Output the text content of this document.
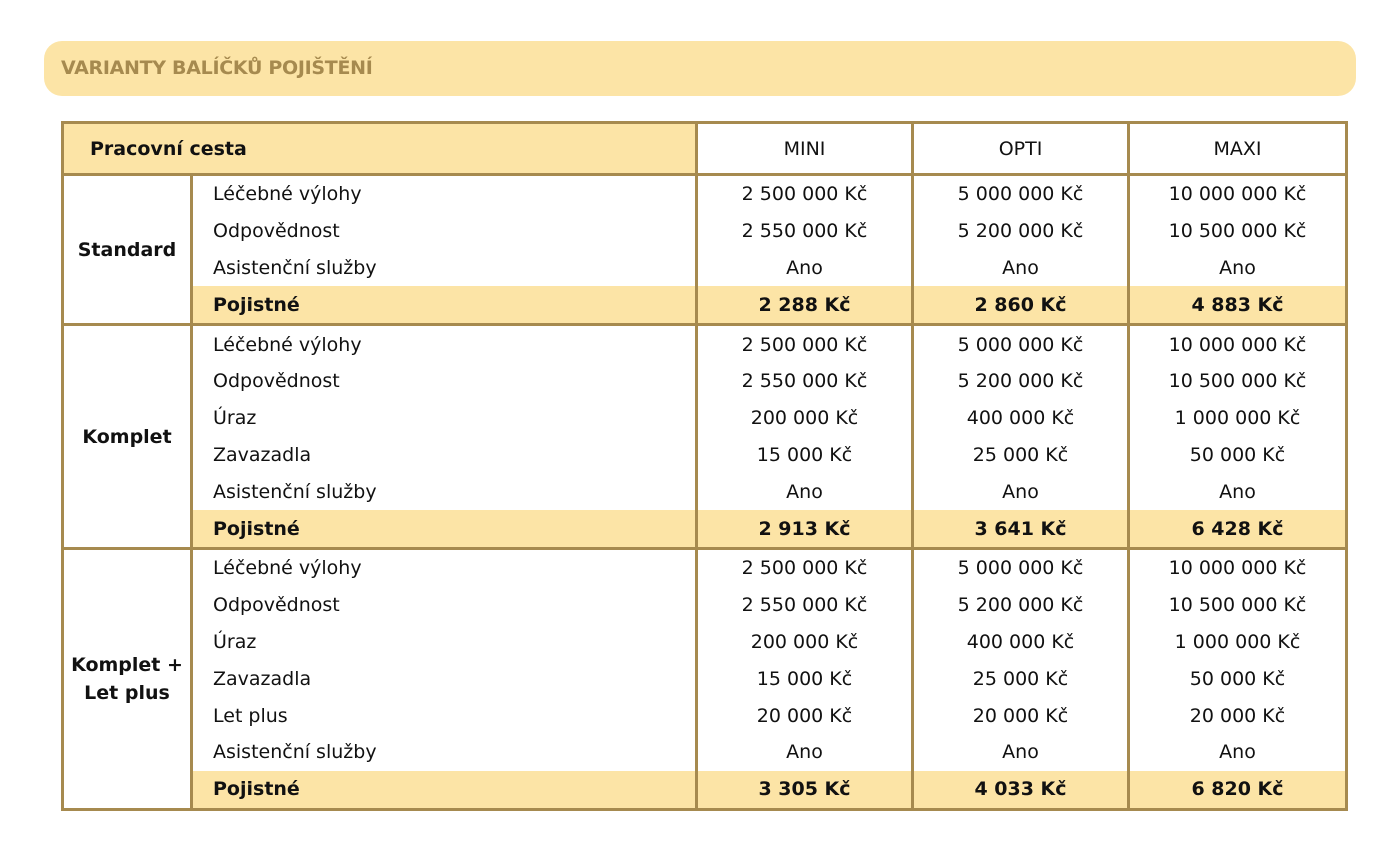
VARIANTY BALÍČKŮ POJIŠTĚNÍ
Pracovní cesta		MINI	OPTI	MAXI
Standard	Léčebné výlohy	2 500 000 Kč	5 000 000 Kč	10 000 000 Kč
	Odpovědnost	2 550 000 Kč	5 200 000 Kč	10 500 000 Kč
	Asistenční služby	Ano	Ano	Ano
	Pojistné	2 288 Kč	2 860 Kč	4 883 Kč
Komplet	Léčebné výlohy	2 500 000 Kč	5 000 000 Kč	10 000 000 Kč
	Odpovědnost	2 550 000 Kč	5 200 000 Kč	10 500 000 Kč
	Úraz	200 000 Kč	400 000 Kč	1 000 000 Kč
	Zavazadla	15 000 Kč	25 000 Kč	50 000 Kč
	Asistenční služby	Ano	Ano	Ano
	Pojistné	2 913 Kč	3 641 Kč	6 428 Kč
Komplet +
Let plus	Léčebné výlohy	2 500 000 Kč	5 000 000 Kč	10 000 000 Kč
	Odpovědnost	2 550 000 Kč	5 200 000 Kč	10 500 000 Kč
	Úraz	200 000 Kč	400 000 Kč	1 000 000 Kč
	Zavazadla	15 000 Kč	25 000 Kč	50 000 Kč
	Let plus	20 000 Kč	20 000 Kč	20 000 Kč
	Asistenční služby	Ano	Ano	Ano
	Pojistné	3 305 Kč	4 033 Kč	6 820 Kč
